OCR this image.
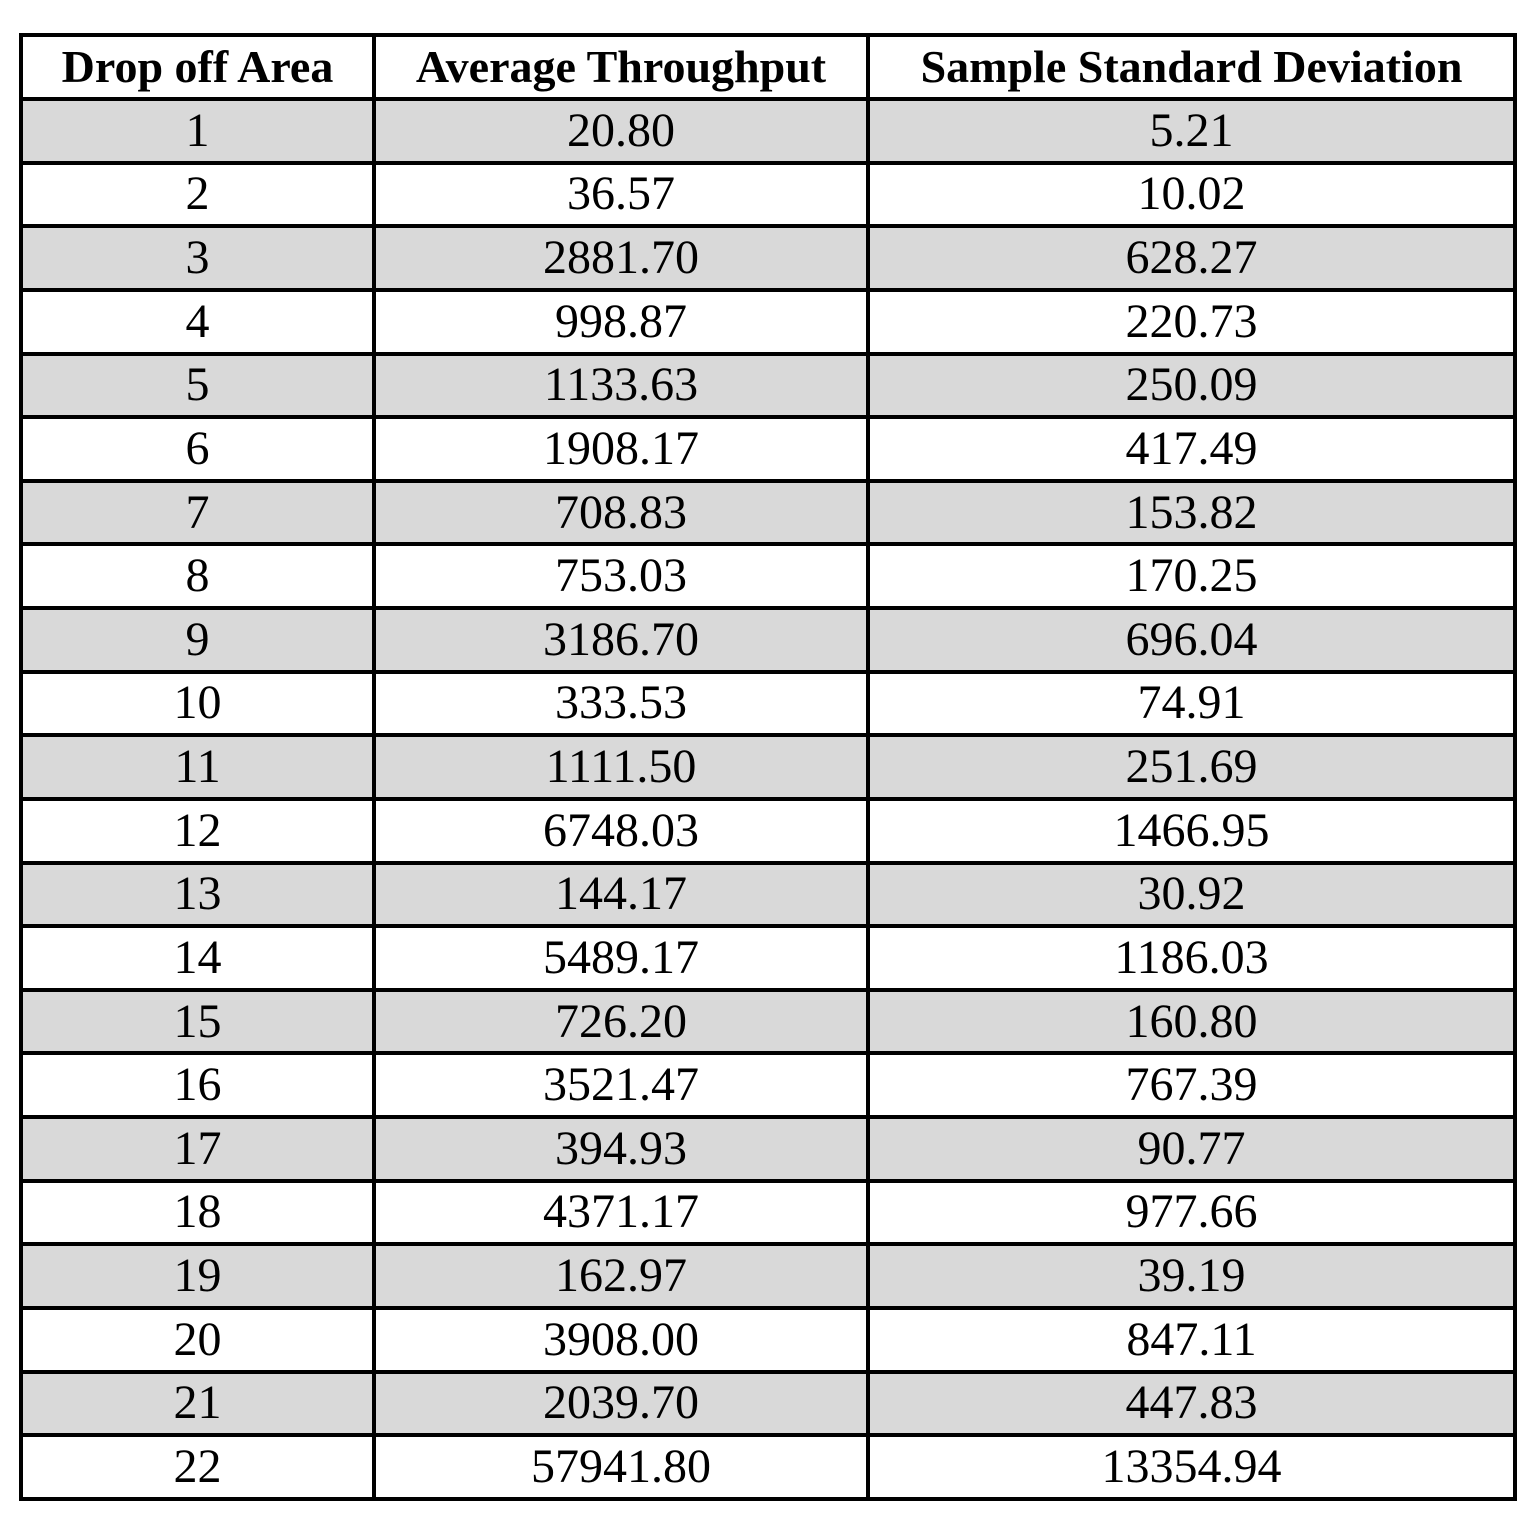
Drop off Area	Average Throughput	Sample Standard Deviation
1	20.80	5.21
2	36.57	10.02
3	2881.70	628.27
4	998.87	220.73
5	1133.63	250.09
6	1908.17	417.49
7	708.83	153.82
8	753.03	170.25
9	3186.70	696.04
10	333.53	74.91
11	1111.50	251.69
12	6748.03	1466.95
13	144.17	30.92
14	5489.17	1186.03
15	726.20	160.80
16	3521.47	767.39
17	394.93	90.77
18	4371.17	977.66
19	162.97	39.19
20	3908.00	847.11
21	2039.70	447.83
22	57941.80	13354.94
